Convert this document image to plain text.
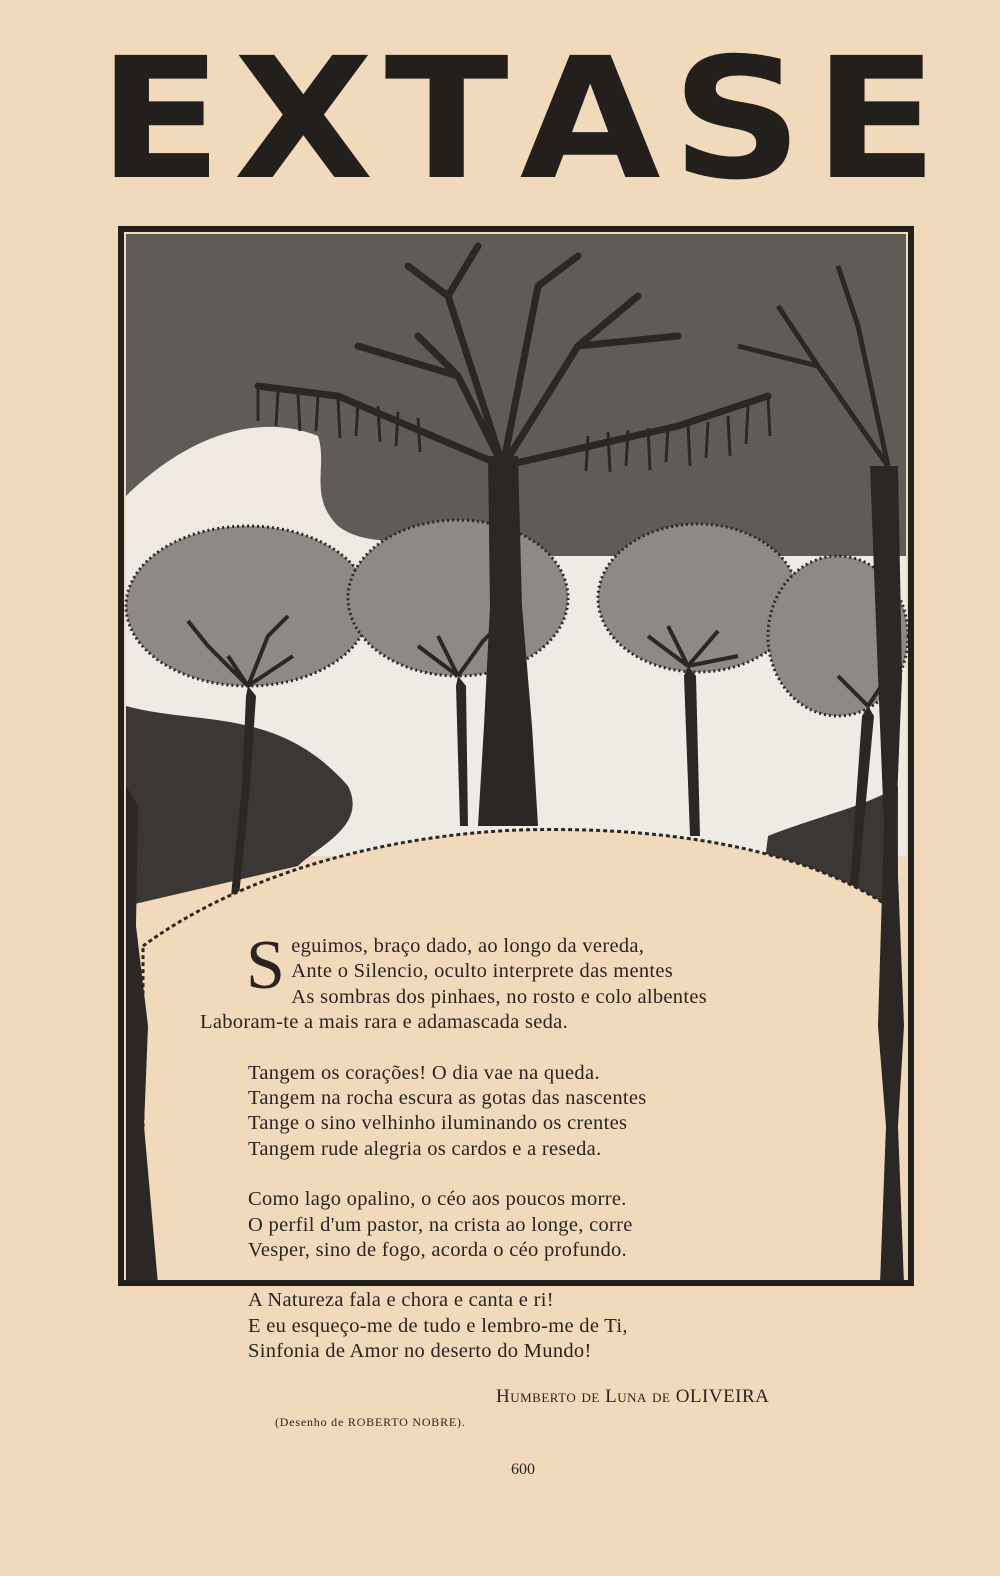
E X T A S E
S eguimos, braço dado, ao longo da vereda,
Ante o Silencio, oculto interprete das mentes
As sombras dos pinhaes, no rosto e colo albentes
Laboram-te a mais rara e adamascada seda.
Tangem os corações! O dia vae na queda.
Tangem na rocha escura as gotas das nascentes
Tange o sino velhinho iluminando os crentes
Tangem rude alegria os cardos e a reseda.
Como lago opalino, o céo aos poucos morre.
O perfil d'um pastor, na crista ao longe, corre
Vesper, sino de fogo, acorda o céo profundo.
A Natureza fala e chora e canta e ri!
E eu esqueço-me de tudo e lembro-me de Ti,
Sinfonia de Amor no deserto do Mundo!
Humberto de Luna de OLIVEIRA
(Desenho de ROBERTO NOBRE).
600
